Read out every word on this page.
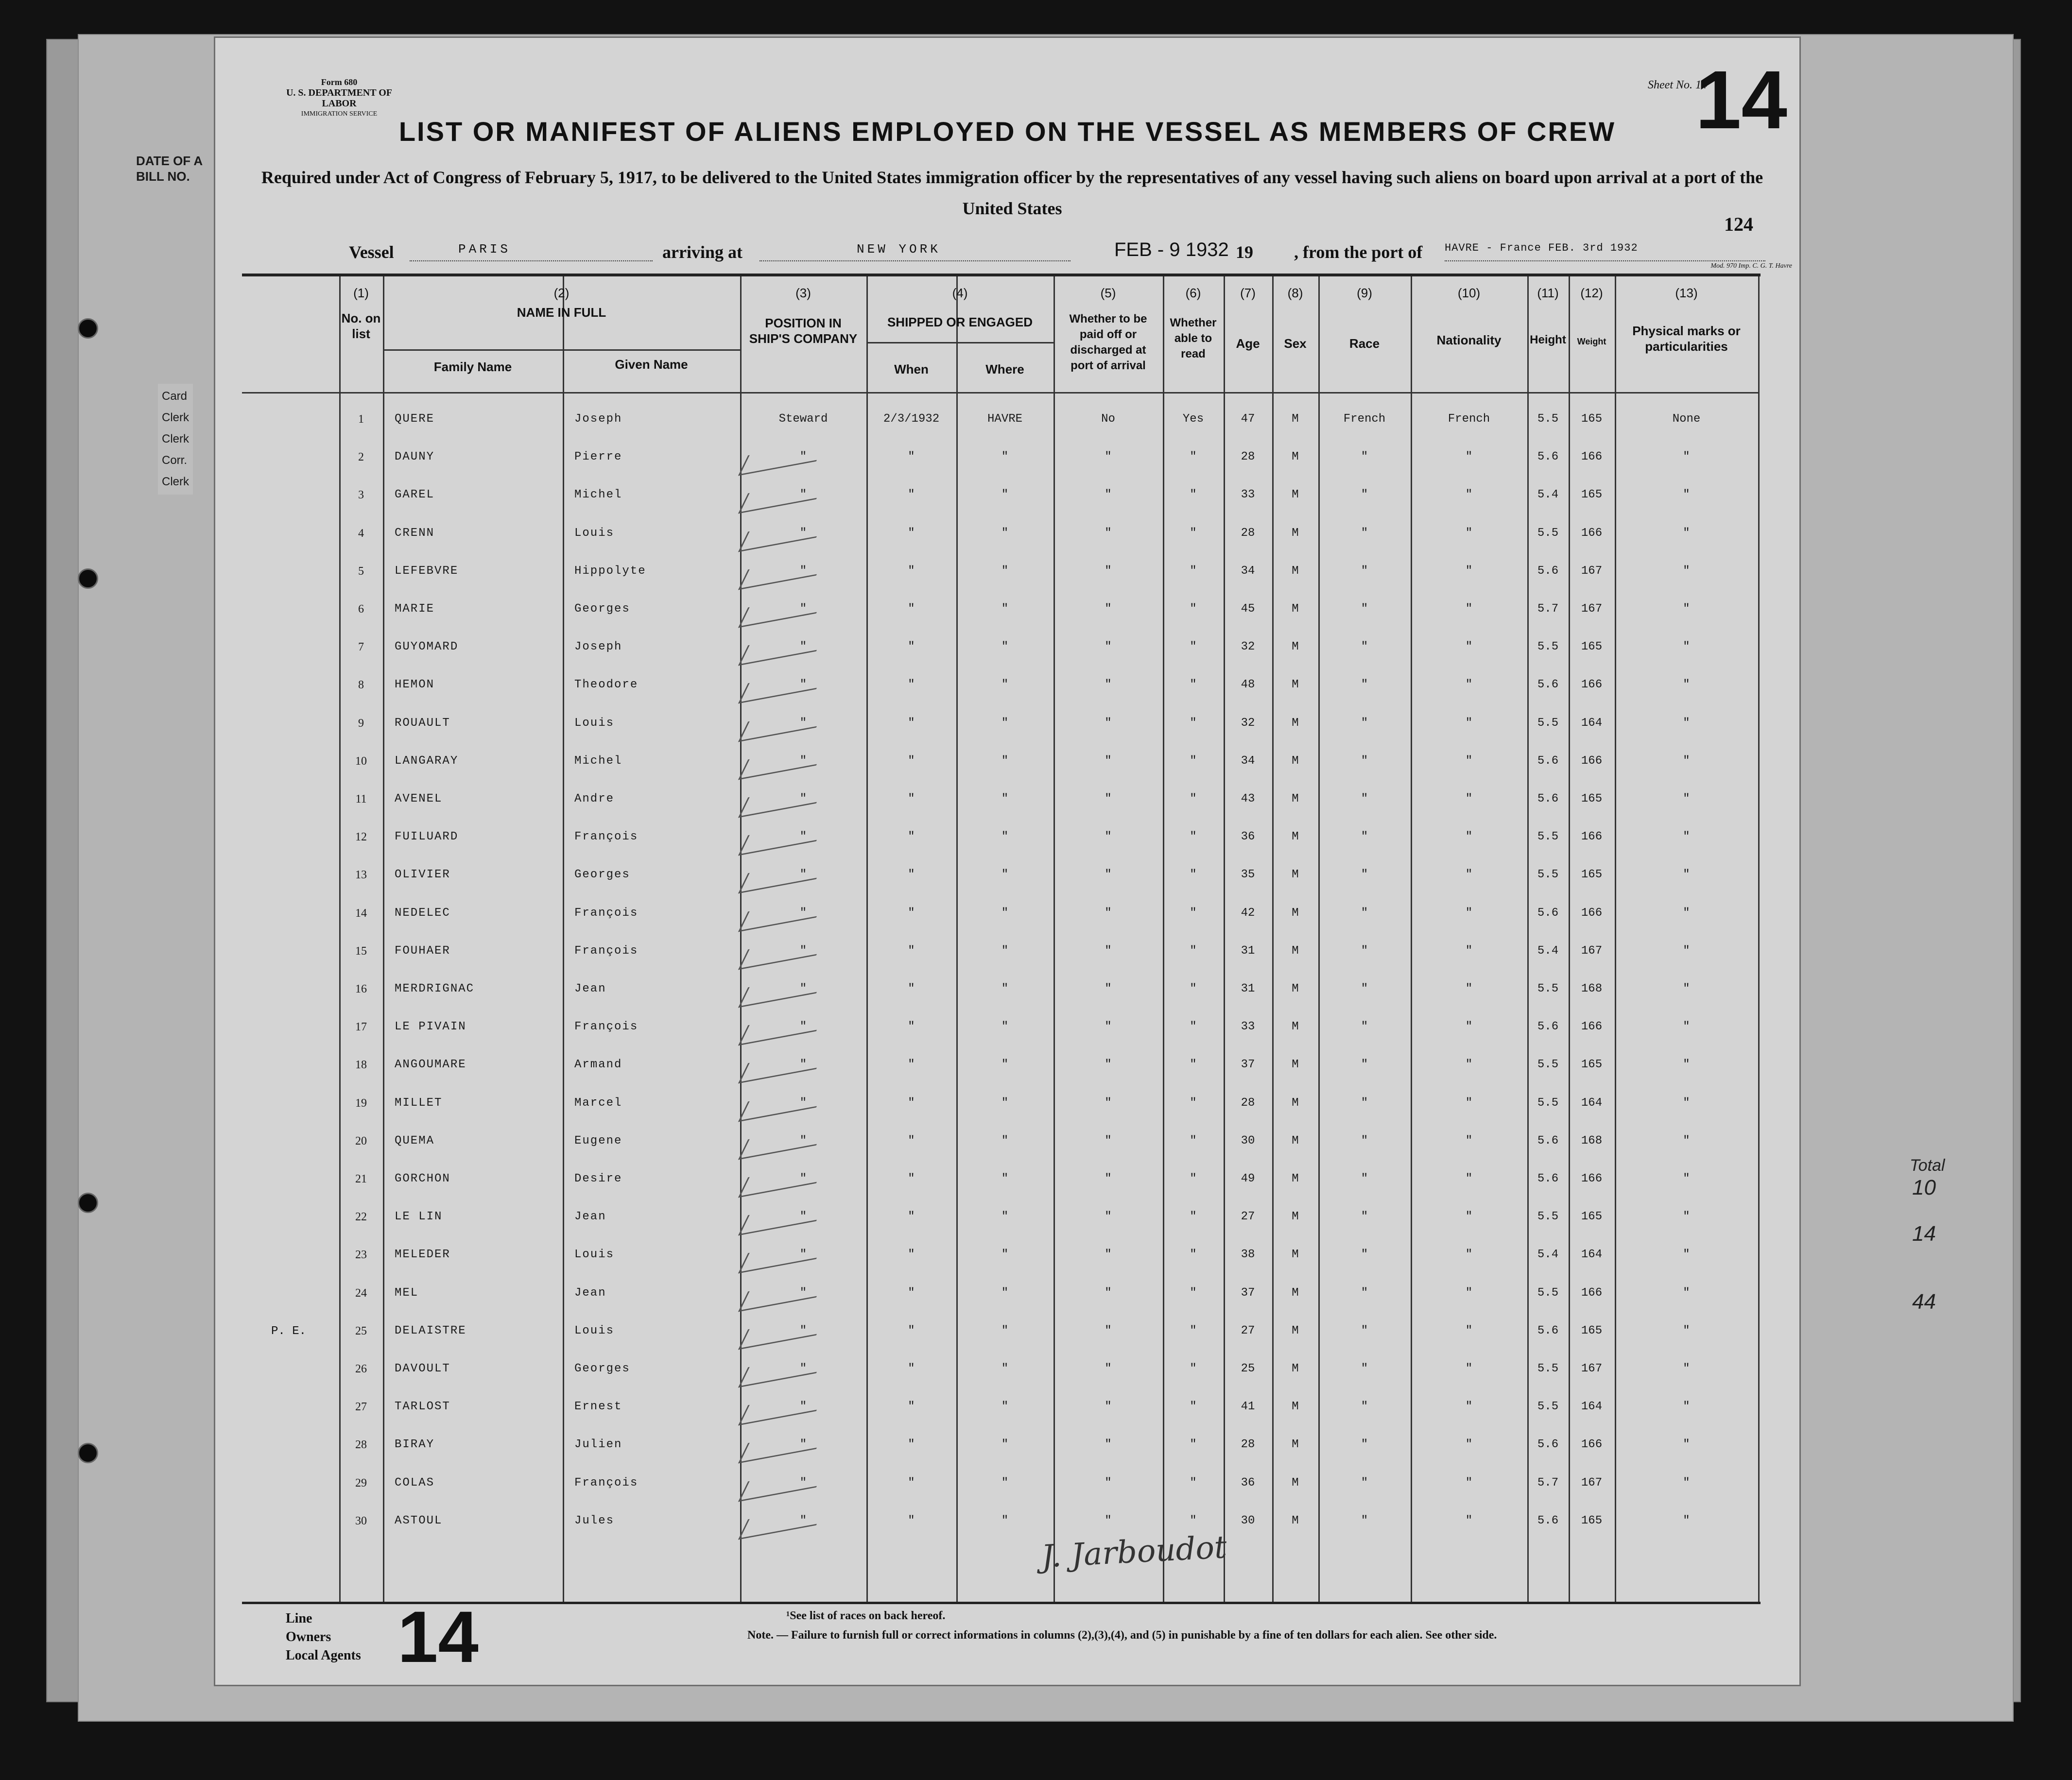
DATE OF A
BILL NO.
Card
Clerk
Clerk
Corr.
Clerk
Total
10
14
44
Form 680
U. S. DEPARTMENT OF LABOR
IMMIGRATION SERVICE
Sheet No. 14
14
LIST OR MANIFEST OF ALIENS EMPLOYED ON THE VESSEL AS MEMBERS OF CREW
Required under Act of Congress of February 5, 1917, to be delivered to the United States immigration officer by the representatives of any vessel having such aliens on board upon arrival at a port of the United States
124
Vessel	PARIS	arriving at	NEW YORK	FEB - 9 1932 19 , from the port of HAVRE - France FEB. 3rd 1932
Mod. 970 Imp. C. G. T. Havre
(1)
No. on list
(2)
NAME IN FULL
Family Name	Given Name
(3)
POSITION IN SHIP'S COMPANY
(4)
SHIPPED OR ENGAGED
When	Where
(5)
Whether to be paid off or discharged at port of arrival
(6)
Whether able to read
(7)
Age
(8)
Sex
(9)
Race
(10)
Nationality
(11)
Height
(12)
Weight
(13)
Physical marks or particularities
1	QUERE	Joseph	Steward	2/3/1932	HAVRE	No	Yes	47	M	French	French	5.5	165	None
2	DAUNY	Pierre	"	"	"	"	"	28	M	"	"	5.6	166	"
3	GAREL	Michel	"	"	"	"	"	33	M	"	"	5.4	165	"
4	CRENN	Louis	"	"	"	"	"	28	M	"	"	5.5	166	"
5	LEFEBVRE	Hippolyte	"	"	"	"	"	34	M	"	"	5.6	167	"
6	MARIE	Georges	"	"	"	"	"	45	M	"	"	5.7	167	"
7	GUYOMARD	Joseph	"	"	"	"	"	32	M	"	"	5.5	165	"
8	HEMON	Theodore	"	"	"	"	"	48	M	"	"	5.6	166	"
9	ROUAULT	Louis	"	"	"	"	"	32	M	"	"	5.5	164	"
10	LANGARAY	Michel	"	"	"	"	"	34	M	"	"	5.6	166	"
11	AVENEL	Andre	"	"	"	"	"	43	M	"	"	5.6	165	"
12	FUILUARD	François	"	"	"	"	"	36	M	"	"	5.5	166	"
13	OLIVIER	Georges	"	"	"	"	"	35	M	"	"	5.5	165	"
14	NEDELEC	François	"	"	"	"	"	42	M	"	"	5.6	166	"
15	FOUHAER	François	"	"	"	"	"	31	M	"	"	5.4	167	"
16	MERDRIGNAC	Jean	"	"	"	"	"	31	M	"	"	5.5	168	"
17	LE PIVAIN	François	"	"	"	"	"	33	M	"	"	5.6	166	"
18	ANGOUMARE	Armand	"	"	"	"	"	37	M	"	"	5.5	165	"
19	MILLET	Marcel	"	"	"	"	"	28	M	"	"	5.5	164	"
20	QUEMA	Eugene	"	"	"	"	"	30	M	"	"	5.6	168	"
21	GORCHON	Desire	"	"	"	"	"	49	M	"	"	5.6	166	"
22	LE LIN	Jean	"	"	"	"	"	27	M	"	"	5.5	165	"
23	MELEDER	Louis	"	"	"	"	"	38	M	"	"	5.4	164	"
24	MEL	Jean	"	"	"	"	"	37	M	"	"	5.5	166	"
25	DELAISTRE	Louis	"	"	"	"	"	27	M	"	"	5.6	165	"
P. E.
26	DAVOULT	Georges	"	"	"	"	"	25	M	"	"	5.5	167	"
27	TARLOST	Ernest	"	"	"	"	"	41	M	"	"	5.5	164	"
28	BIRAY	Julien	"	"	"	"	"	28	M	"	"	5.6	166	"
29	COLAS	François	"	"	"	"	"	36	M	"	"	5.7	167	"
30	ASTOUL	Jules	"	"	"	"	"	30	M	"	"	5.6	165	"
J. Jarboudot
Line
Owners
Local Agents 14	¹See list of races on back hereof.
Note. — Failure to furnish full or correct informations in columns (2),(3),(4), and (5) in punishable by a fine of ten dollars for each alien. See other side.
